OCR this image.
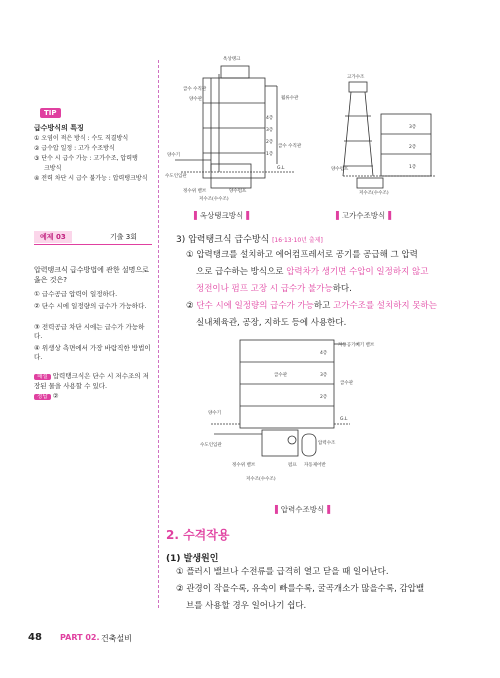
TIP
급수방식의 특징
① 오염이 적은 방식 : 수도 직결방식
② 급수압 일정 : 고가 수조방식
③ 단수 시 급수 가능 : 고가수조, 압력탱
크방식
④ 전력 차단 시 급수 불가능 : 압력탱크방식
예제 03	기출 3회
압력탱크식 급수방법에 관한 설명으로 옳은 것은?
① 급수공급 압력이 일정하다.
② 단수 시에 일정량의 급수가 가능하다.
③ 전력공급 차단 시에는 급수가 가능하다.
④ 위생상 측면에서 가장 바람직한 방법이다.
해설 압력탱크식은 단수 시 저수조의 저장된 물을 사용할 수 있다.
정답 ②
옥상탱크
급수 수직관
양수관	월류수관
4층
3층
2층
1층
급수 수직관
G.L
양수기
수도인입관
정수위 밸브	양수펌프
저수조(수수조)
고가수조
3층
2층
1층
양수펌프
저수조(수수조)
▌옥상탱크방식▐	▌고가수조방식▐
3) 압력탱크식 급수방식 [16·13·10년 출제]
① 압력탱크를 설치하고 에어컴프레서로 공기를 공급해 그 압력
으로 급수하는 방식으로 압력차가 생기면 수압이 일정하지 않고
정전이나 펌프 고장 시 급수가 불가능하다.
② 단수 시에 일정량의 급수가 가능하고 고가수조를 설치하지 못하는
실내체육관, 공장, 지하도 등에 사용한다.
자동공기빼기 밸브
4층
3층
2층
급수관
급수관
G.L
양수기
수도인입관	압력수조
정수위 밸브	펌프 자동제어반
저수조(수수조)
▌압력수조방식▐
2. 수격작용
(1) 발생원인
① 플러시 밸브나 수전류를 급격히 열고 닫을 때 일어난다.
② 관경이 작을수록, 유속이 빠를수록, 굴곡개소가 많을수록, 감압밸
브를 사용할 경우 일어나기 쉽다.
48 PART 02. 건축설비
